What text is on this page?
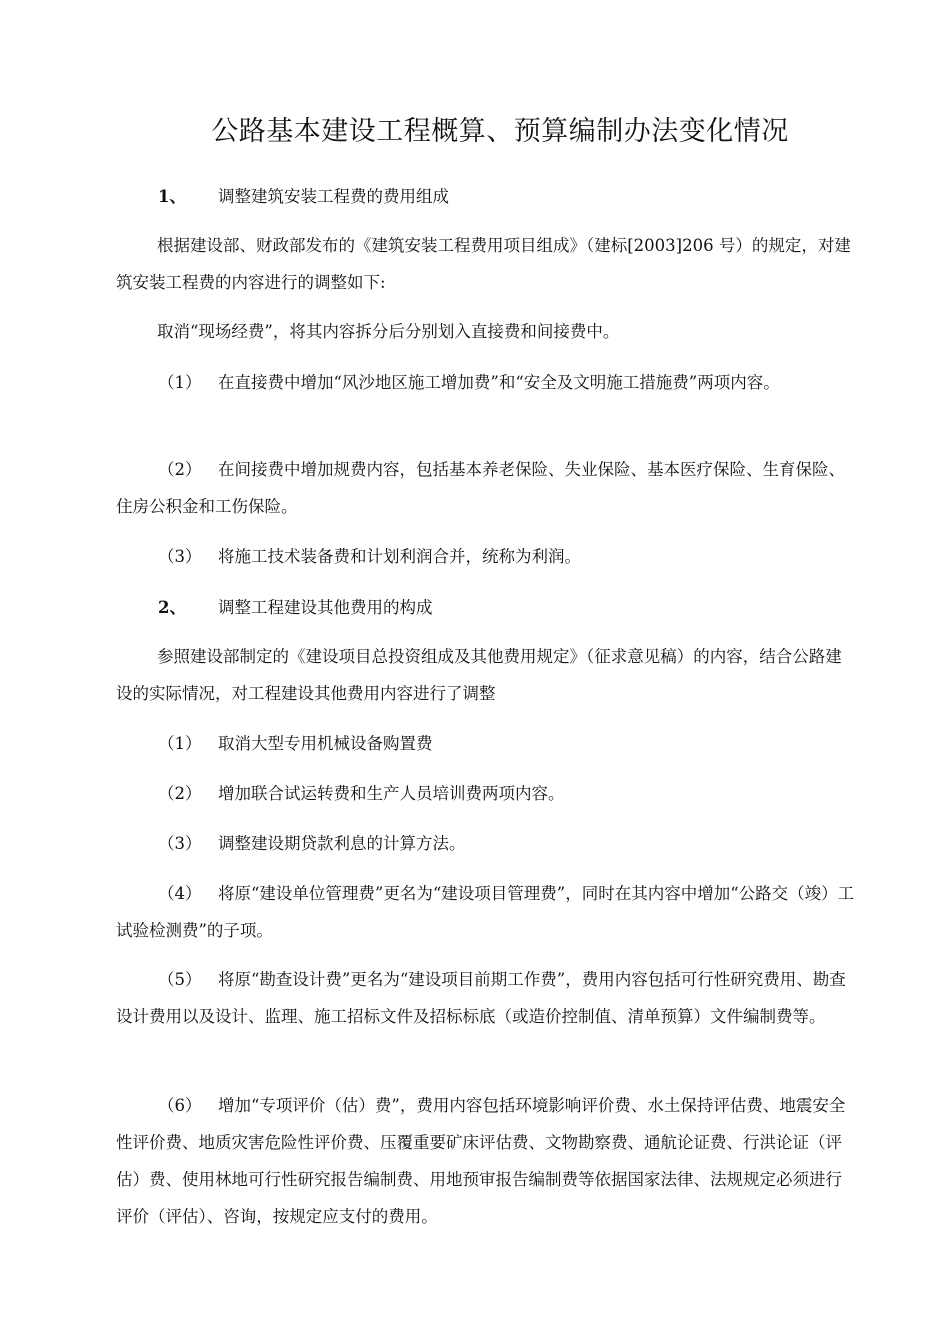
公路基本建设工程概算、预算编制办法变化情况
1、 调整建筑安装工程费的费用组成
根据建设部、财政部发布的《建筑安装工程费用项目组成》（建标[2003]206 号）的规定，对建筑安装工程费的内容进行的调整如下:
取消“现场经费”，将其内容拆分后分别划入直接费和间接费中。
（1） 在直接费中增加“风沙地区施工增加费”和“安全及文明施工措施费”两项内容。
（2） 在间接费中增加规费内容，包括基本养老保险、失业保险、基本医疗保险、生育保险、住房公积金和工伤保险。
（3） 将施工技术装备费和计划利润合并，统称为利润。
2、 调整工程建设其他费用的构成
参照建设部制定的《建设项目总投资组成及其他费用规定》（征求意见稿）的内容，结合公路建设的实际情况，对工程建设其他费用内容进行了调整
（1） 取消大型专用机械设备购置费
（2） 增加联合试运转费和生产人员培训费两项内容。
（3） 调整建设期贷款利息的计算方法。
（4） 将原“建设单位管理费”更名为“建设项目管理费”，同时在其内容中增加“公路交（竣）工试验检测费”的子项。
（5） 将原“勘查设计费”更名为“建设项目前期工作费”，费用内容包括可行性研究费用、勘查设计费用以及设计、监理、施工招标文件及招标标底（或造价控制值、清单预算）文件编制费等。
（6） 增加“专项评价（估）费”，费用内容包括环境影响评价费、水土保持评估费、地震安全性评价费、地质灾害危险性评价费、压覆重要矿床评估费、文物勘察费、通航论证费、行洪论证（评估）费、使用林地可行性研究报告编制费、用地预审报告编制费等依据国家法律、法规规定必须进行评价（评估）、咨询，按规定应支付的费用。
